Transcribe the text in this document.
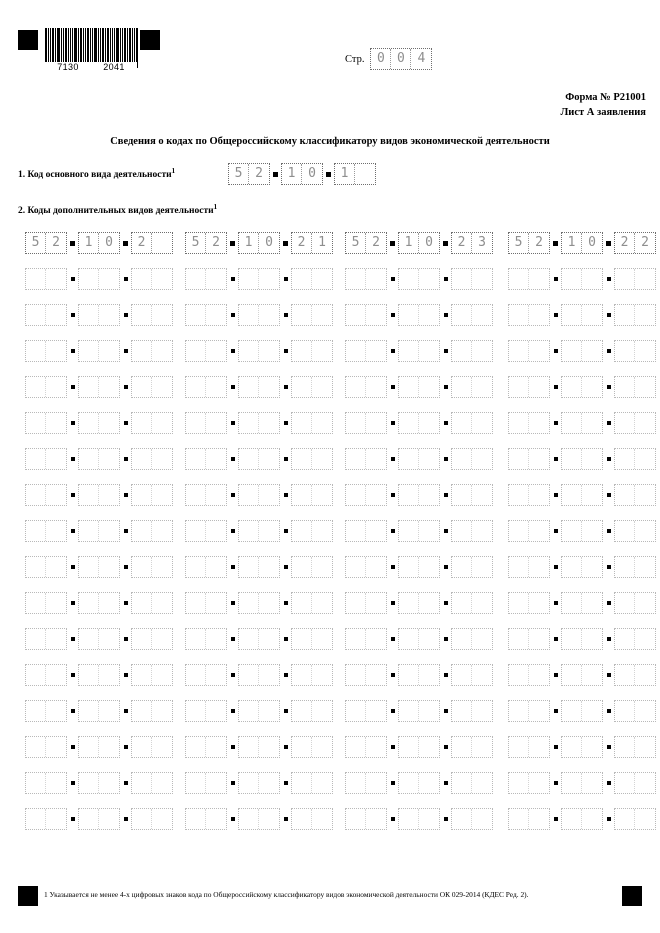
7130	2041
Стр. 0 0 4
Форма № Р21001
Лист А заявления
Сведения о кодах по Общероссийскому классификатору видов экономической деятельности
1. Код основного вида деятельности$^1$	5 2	1 0	1
2. Коды дополнительных видов деятельности$^1$
5 2	1 0	2	5 2	1 0	2 1	5 2	1 0	2 3	5 2	1 0	2 2
1 Указывается не менее 4-х цифровых знаков кода по Общероссийскому классификатору видов экономической деятельности ОК 029-2014 (КДЕС Ред. 2).
